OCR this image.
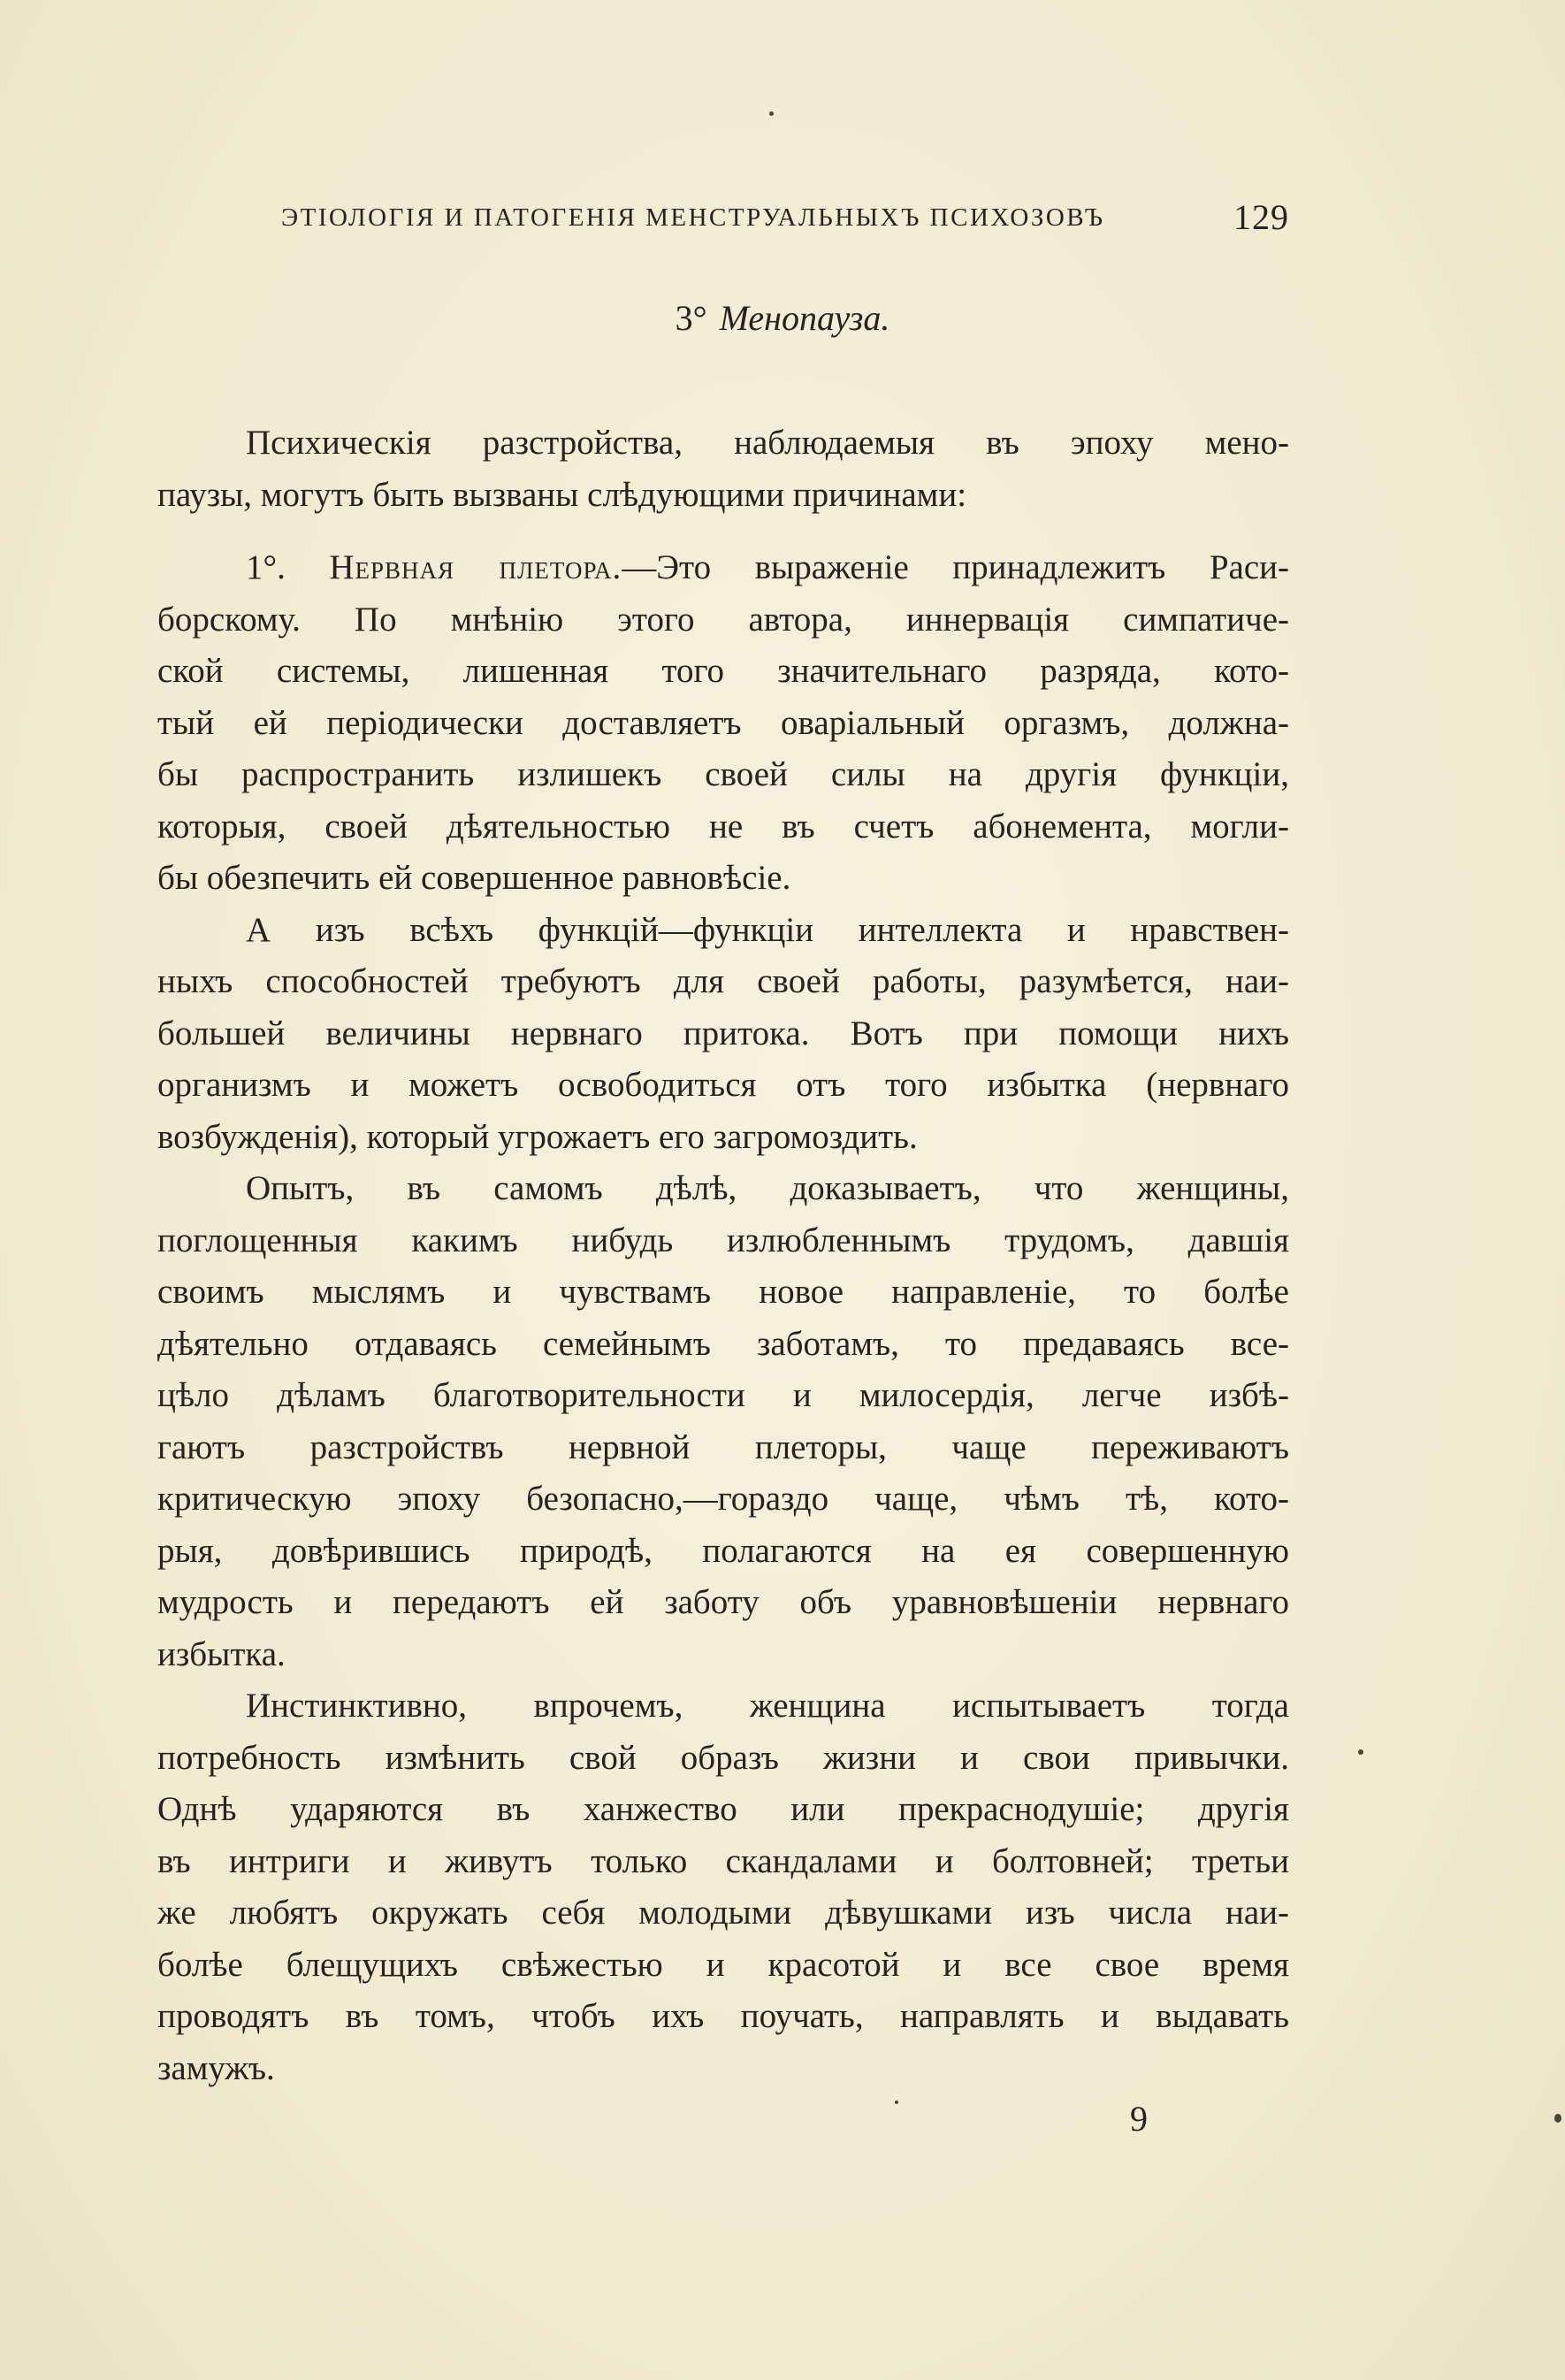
ЭТІОЛОГІЯ И ПАТОГЕНІЯ МЕНСТРУАЛЬНЫХЪ ПСИХОЗОВЪ	129
3° Менопауза.
Психическія разстройства, наблюдаемыя въ эпоху мено-
паузы, могутъ быть вызваны слѣдующими причинами:
1°. Нервная плетора.—Это выраженіе принадлежитъ Раси-
борскому. По мнѣнію этого автора, иннервація симпатиче-
ской системы, лишенная того значительнаго разряда, кото-
тый ей періодически доставляетъ оваріальный оргазмъ, должна-
бы распространить излишекъ своей силы на другія функціи,
которыя, своей дѣятельностью не въ счетъ абонемента, могли-
бы обезпечить ей совершенное равновѣсіе.
А изъ всѣхъ функцій—функціи интеллекта и нравствен-
ныхъ способностей требуютъ для своей работы, разумѣется, наи-
большей величины нервнаго притока. Вотъ при помощи нихъ
организмъ и можетъ освободиться отъ того избытка (нервнаго
возбужденія), который угрожаетъ его загромоздить.
Опытъ, въ самомъ дѣлѣ, доказываетъ, что женщины,
поглощенныя какимъ нибудь излюбленнымъ трудомъ, давшія
своимъ мыслямъ и чувствамъ новое направленіе, то болѣе
дѣятельно отдаваясь семейнымъ заботамъ, то предаваясь все-
цѣло дѣламъ благотворительности и милосердія, легче избѣ-
гаютъ разстройствъ нервной плеторы, чаще переживаютъ
критическую эпоху безопасно,—гораздо чаще, чѣмъ тѣ, кото-
рыя, довѣрившись природѣ, полагаются на ея совершенную
мудрость и передаютъ ей заботу объ уравновѣшеніи нервнаго
избытка.
Инстинктивно, впрочемъ, женщина испытываетъ тогда
потребность измѣнить свой образъ жизни и свои привычки.
Однѣ ударяются въ ханжество или прекраснодушіе; другія
въ интриги и живутъ только скандалами и болтовней; третьи
же любятъ окружать себя молодыми дѣвушками изъ числа наи-
болѣе блещущихъ свѣжестью и красотой и все свое время
проводятъ въ томъ, чтобъ ихъ поучать, направлять и выдавать
замужъ.
9
